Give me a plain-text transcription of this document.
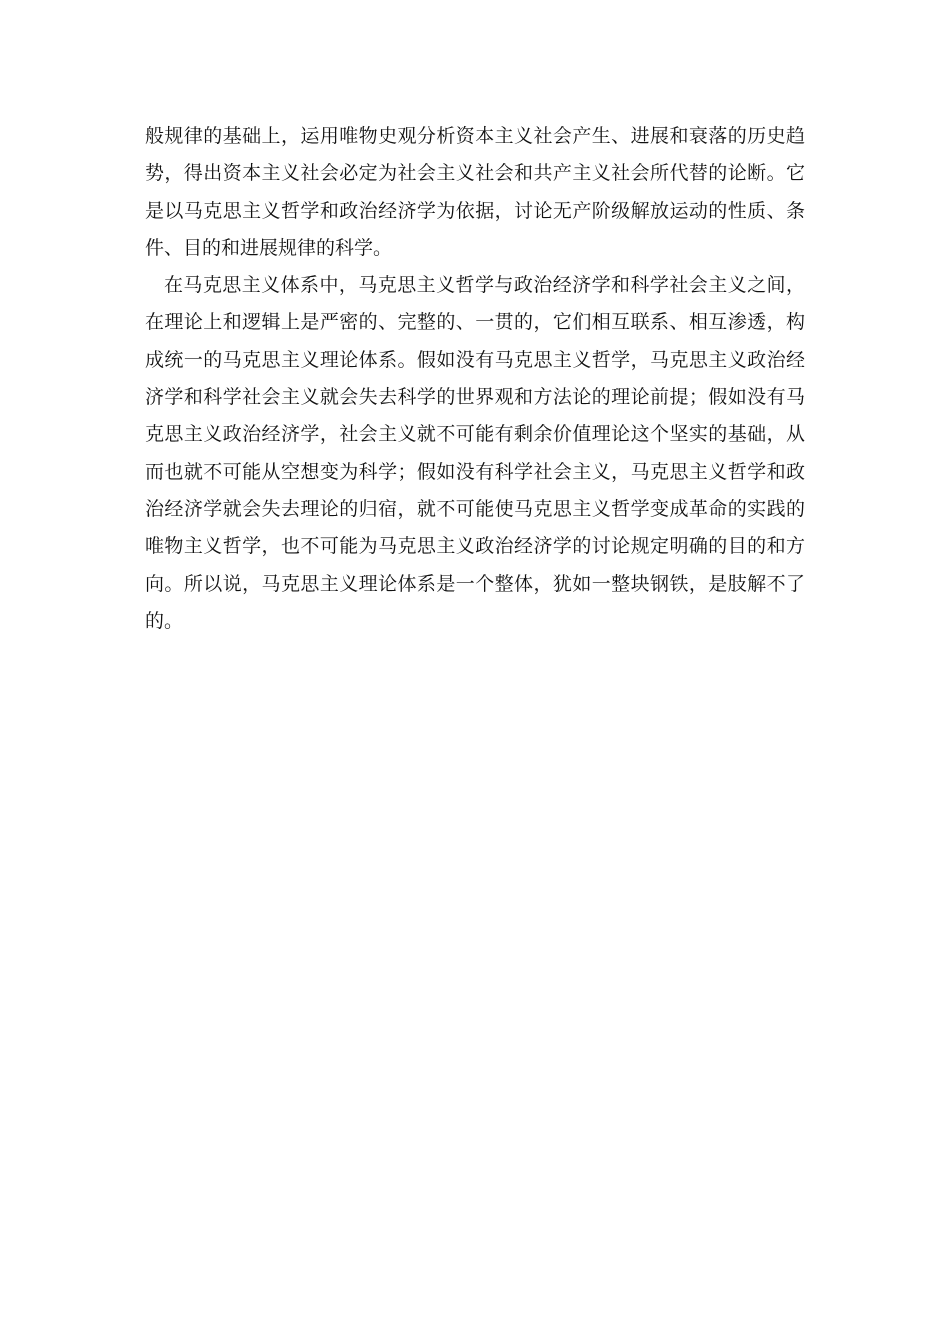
般规律的基础上，运用唯物史观分析资本主义社会产生、进展和衰落的历史趋
势，得出资本主义社会必定为社会主义社会和共产主义社会所代替的论断。它
是以马克思主义哲学和政治经济学为依据，讨论无产阶级解放运动的性质、条
件、目的和进展规律的科学。
在马克思主义体系中，马克思主义哲学与政治经济学和科学社会主义之间，
在理论上和逻辑上是严密的、完整的、一贯的，它们相互联系、相互渗透，构
成统一的马克思主义理论体系。假如没有马克思主义哲学，马克思主义政治经
济学和科学社会主义就会失去科学的世界观和方法论的理论前提；假如没有马
克思主义政治经济学，社会主义就不可能有剩余价值理论这个坚实的基础，从
而也就不可能从空想变为科学；假如没有科学社会主义，马克思主义哲学和政
治经济学就会失去理论的归宿，就不可能使马克思主义哲学变成革命的实践的
唯物主义哲学，也不可能为马克思主义政治经济学的讨论规定明确的目的和方
向。所以说，马克思主义理论体系是一个整体，犹如一整块钢铁，是肢解不了
的。
